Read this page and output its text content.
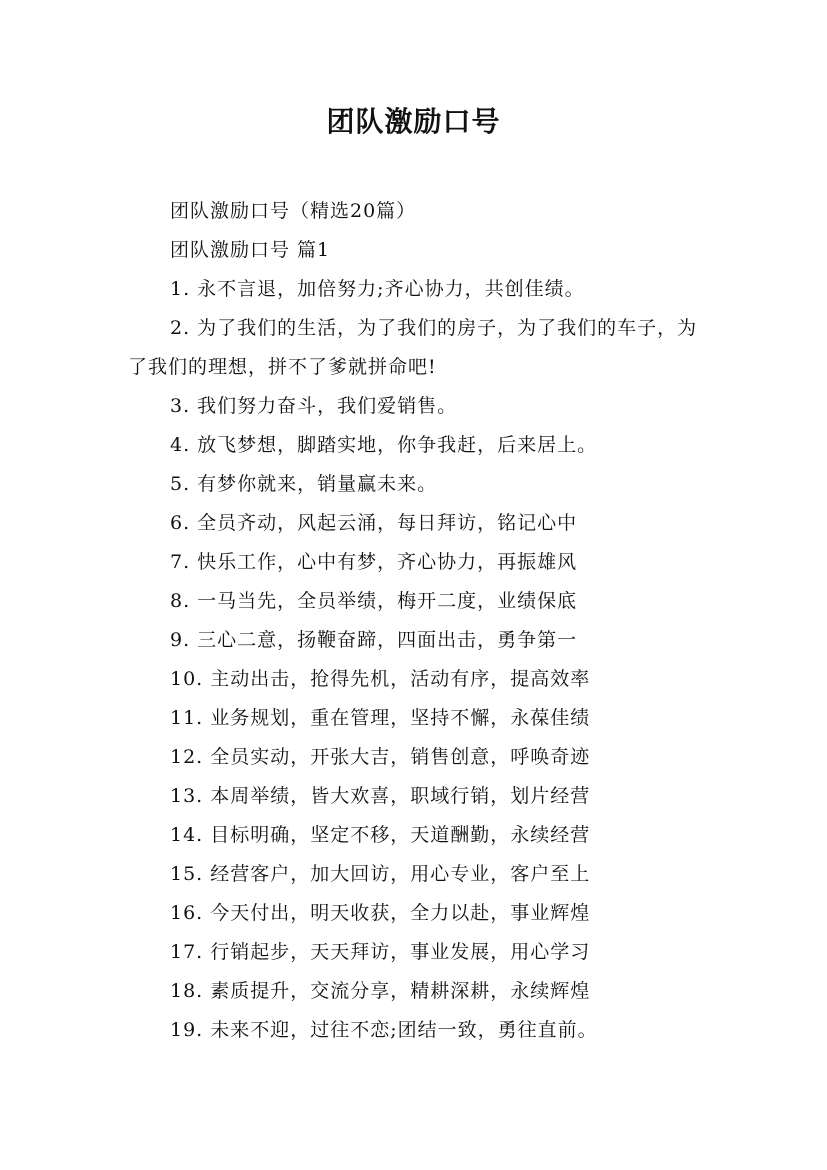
团队激励口号

团队激励口号（精选20篇）

团队激励口号 篇1

1. 永不言退，加倍努力;齐心协力，共创佳绩。

2. 为了我们的生活，为了我们的房子，为了我们的车子，为了我们的理想，拼不了爹就拼命吧!

3. 我们努力奋斗，我们爱销售。

4. 放飞梦想，脚踏实地，你争我赶，后来居上。

5. 有梦你就来，销量赢未来。

6. 全员齐动，风起云涌，每日拜访，铭记心中

7. 快乐工作，心中有梦，齐心协力，再振雄风

8. 一马当先，全员举绩，梅开二度，业绩保底

9. 三心二意，扬鞭奋蹄，四面出击，勇争第一

10. 主动出击，抢得先机，活动有序，提高效率

11. 业务规划，重在管理，坚持不懈，永葆佳绩

12. 全员实动，开张大吉，销售创意，呼唤奇迹

13. 本周举绩，皆大欢喜，职域行销，划片经营

14. 目标明确，坚定不移，天道酬勤，永续经营

15. 经营客户，加大回访，用心专业，客户至上

16. 今天付出，明天收获，全力以赴，事业辉煌

17. 行销起步，天天拜访，事业发展，用心学习

18. 素质提升，交流分享，精耕深耕，永续辉煌

19. 未来不迎，过往不恋;团结一致，勇往直前。
